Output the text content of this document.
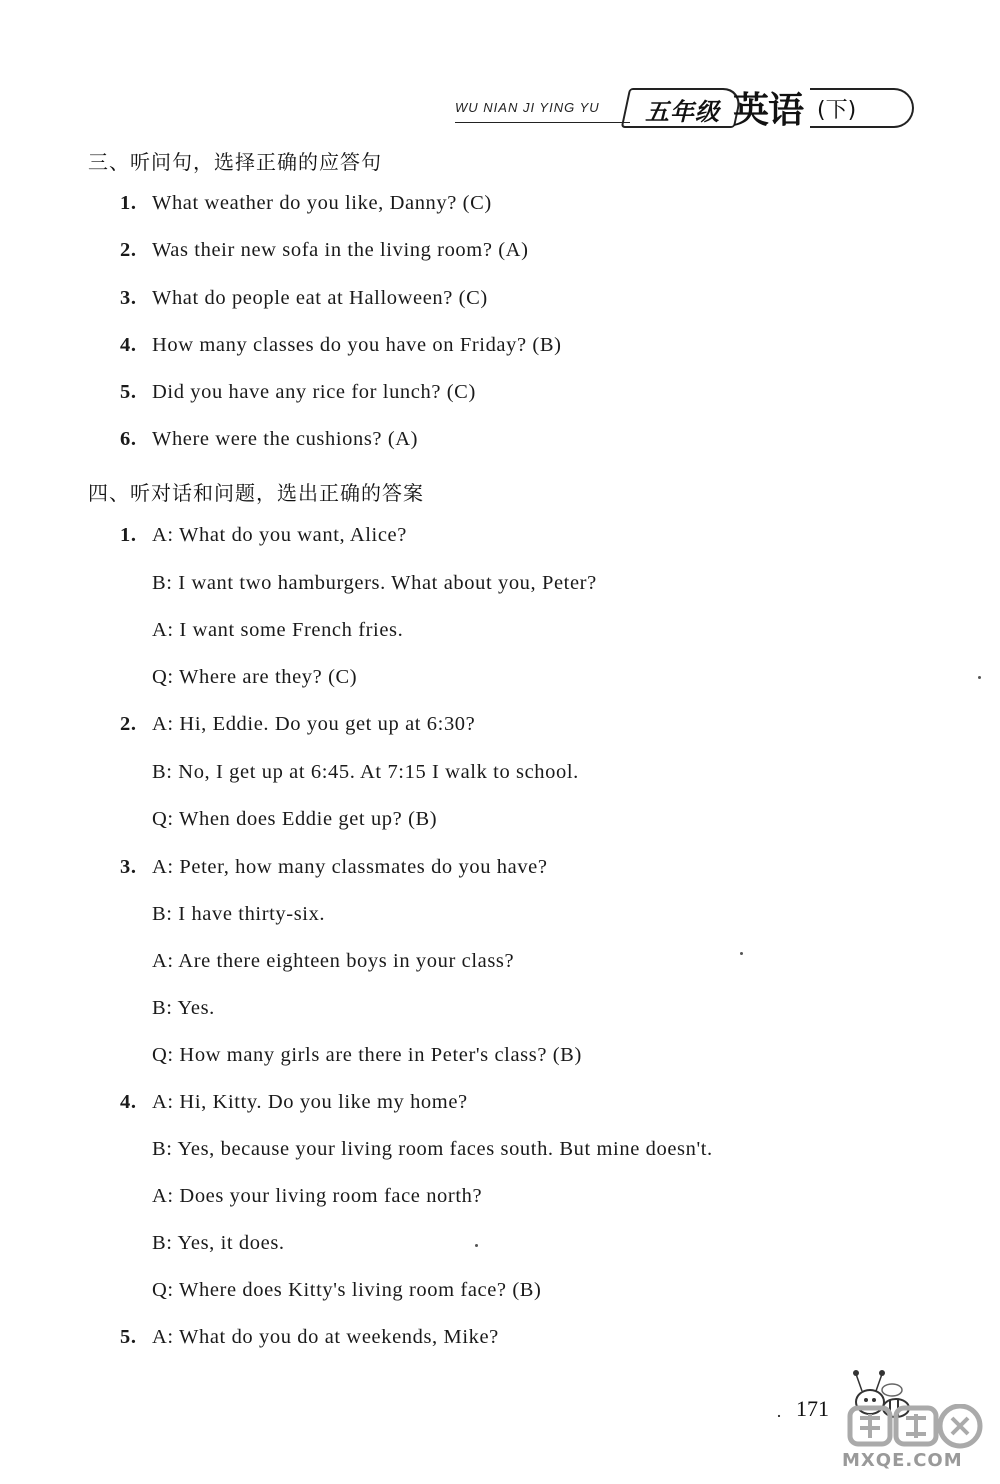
WU NIAN JI YING YU 五年级 英语 (下)
三、听问句，选择正确的应答句
1. What weather do you like, Danny? (C)
2. Was their new sofa in the living room? (A)
3. What do people eat at Halloween? (C)
4. How many classes do you have on Friday? (B)
5. Did you have any rice for lunch? (C)
6. Where were the cushions? (A)
四、听对话和问题，选出正确的答案
1. A: What do you want, Alice?
B: I want two hamburgers. What about you, Peter?
A: I want some French fries.
Q: Where are they? (C)
2. A: Hi, Eddie. Do you get up at 6:30?
B: No, I get up at 6:45. At 7:15 I walk to school.
Q: When does Eddie get up? (B)
3. A: Peter, how many classmates do you have?
B: I have thirty-six.
A: Are there eighteen boys in your class?
B: Yes.
Q: How many girls are there in Peter's class? (B)
4. A: Hi, Kitty. Do you like my home?
B: Yes, because your living room faces south. But mine doesn't.
A: Does your living room face north?
B: Yes, it does.
Q: Where does Kitty's living room face? (B)
5. A: What do you do at weekends, Mike?
· 171
MXQE.COM
